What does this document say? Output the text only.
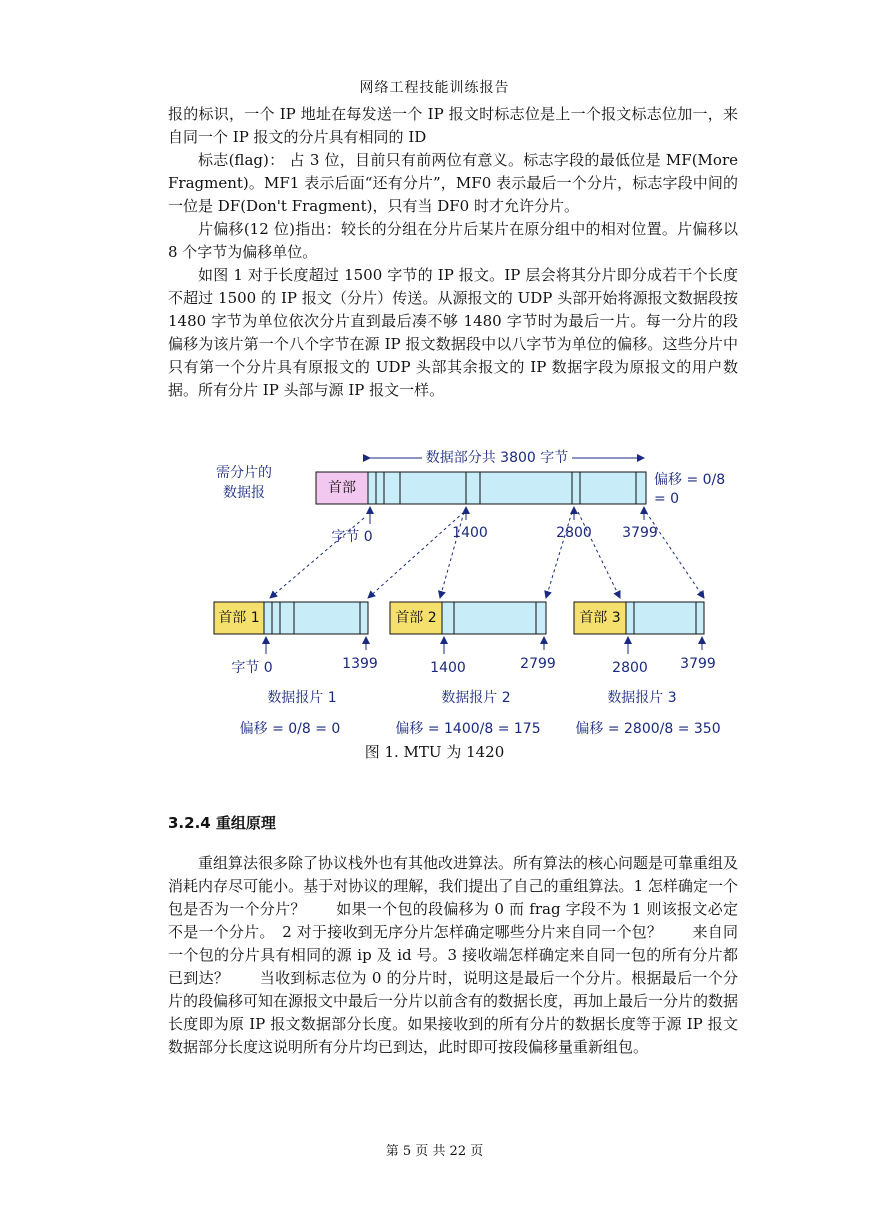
网络工程技能训练报告

报的标识，一个 IP 地址在每发送一个 IP 报文时标志位是上一个报文标志位加一，来自同一个 IP 报文的分片具有相同的 ID

标志(flag)： 占 3 位，目前只有前两位有意义。标志字段的最低位是 MF(More Fragment)。MF1 表示后面“还有分片”，MF0 表示最后一个分片，标志字段中间的一位是 DF(Don't Fragment)，只有当 DF0 时才允许分片。

片偏移(12 位)指出：较长的分组在分片后某片在原分组中的相对位置。片偏移以 8 个字节为偏移单位。

如图 1 对于长度超过 1500 字节的 IP 报文。IP 层会将其分片即分成若干个长度不超过 1500 的 IP 报文（分片）传送。从源报文的 UDP 头部开始将源报文数据段按 1480 字节为单位依次分片直到最后凑不够 1480 字节时为最后一片。每一分片的段偏移为该片第一个八个字节在源 IP 报文数据段中以八字节为单位的偏移。这些分片中只有第一个分片具有原报文的 UDP 头部其余报文的 IP 数据字段为原报文的用户数据。所有分片 IP 头部与源 IP 报文一样。

需分片的
数据报
数据部分共 3800 字节
首部	偏移 = 0/8
= 0
字节 0	1400	2800 3799
首部 1	首部 2	首部 3
字节 0	1399	1400	2799	2800 3799
数据报片 1	数据报片 2	数据报片 3
偏移 = 0/8 = 0	偏移 = 1400/8 = 175 偏移 = 2800/8 = 350
图 1. MTU 为 1420
3.2.4 重组原理

重组算法很多除了协议栈外也有其他改进算法。所有算法的核心问题是可靠重组及消耗内存尽可能小。基于对协议的理解，我们提出了自己的重组算法。1 怎样确定一个包是否为一个分片？　　如果一个包的段偏移为 0 而 frag 字段不为 1 则该报文必定不是一个分片。　2 对于接收到无序分片怎样确定哪些分片来自同一个包？　　来自同一个包的分片具有相同的源 ip 及 id 号。3 接收端怎样确定来自同一包的所有分片都已到达？　　当收到标志位为 0 的分片时，说明这是最后一个分片。根据最后一个分片的段偏移可知在源报文中最后一分片以前含有的数据长度，再加上最后一分片的数据长度即为原 IP 报文数据部分长度。如果接收到的所有分片的数据长度等于源 IP 报文数据部分长度这说明所有分片均已到达，此时即可按段偏移量重新组包。

第 5 页 共 22 页
